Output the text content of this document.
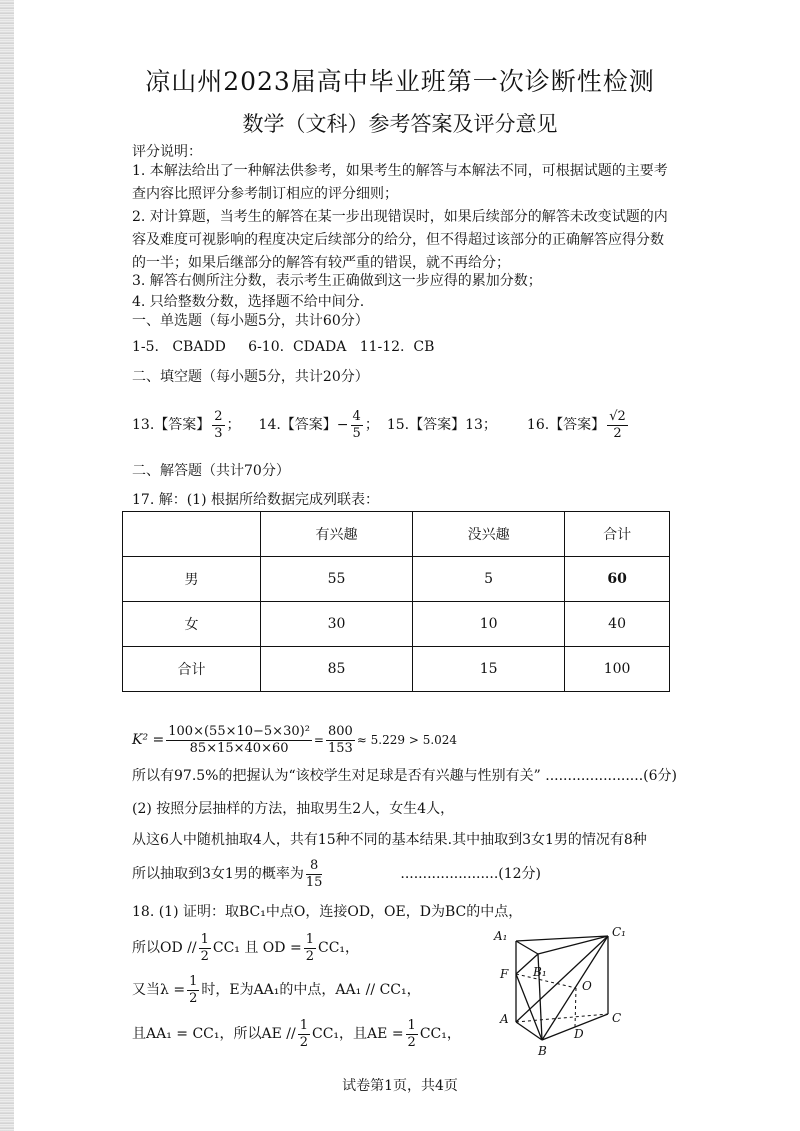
凉山州2023届高中毕业班第一次诊断性检测
数学（文科）参考答案及评分意见
评分说明：
1. 本解法给出了一种解法供参考，如果考生的解答与本解法不同，可根据试题的主要考查内容比照评分参考制订相应的评分细则；
2. 对计算题，当考生的解答在某一步出现错误时，如果后续部分的解答未改变试题的内容及难度可视影响的程度决定后续部分的给分，但不得超过该部分的正确解答应得分数的一半；如果后继部分的解答有较严重的错误，就不再给分；
3. 解答右侧所注分数，表示考生正确做到这一步应得的累加分数；
4. 只给整数分数，选择题不给中间分.
一、单选题（每小题5分，共计60分）
1-5.   CBADD     6-10.  CDADA   11-12.  CB
二、填空题（每小题5分，共计20分）
13.【答案】 $\frac{2}{3}$ ； 14.【答案】− $\frac{4}{5}$ ； 15.【答案】13； 16.【答案】 $\frac{√2}{2}$
二、解答题（共计70分）
17. 解：(1) 根据所给数据完成列联表：
	有兴趣	没兴趣	合计
男	55	5	60
女	30	10	40
合计	85	15	100
$K^2 = \frac{\text{100×(55×10−5×30)²}}{85\times 15\times 40\times 60} = \frac{800}{153} \approx 5.229 > 5.024$
所以有97.5%的把握认为“该校学生对足球是否有兴趣与性别有关” ......................(6分)
(2) 按照分层抽样的方法，抽取男生2人，女生4人，
从这6人中随机抽取4人，共有15种不同的基本结果.其中抽取到3女1男的情况有8种
所以抽取到3女1男的概率为 $\frac{8}{15}$	......................(12分)
18. (1) 证明：取BC₁中点O，连接OD，OE，D为BC的中点，
所以OD // $\frac{1}{2} CC_1$ 且 OD = $\frac{1}{2} CC_1$，
又当$\lambda = \frac{1}{2}$ 时，E为AA₁的中点，AA₁ // CC₁，
且AA₁ = CC₁，所以AE // $\frac{1}{2} CC_1$，且AE = $\frac{1}{2} CC_1$，
A₁	C₁
B₁
F
O
A	C
D
B
试卷第1页，共4页
